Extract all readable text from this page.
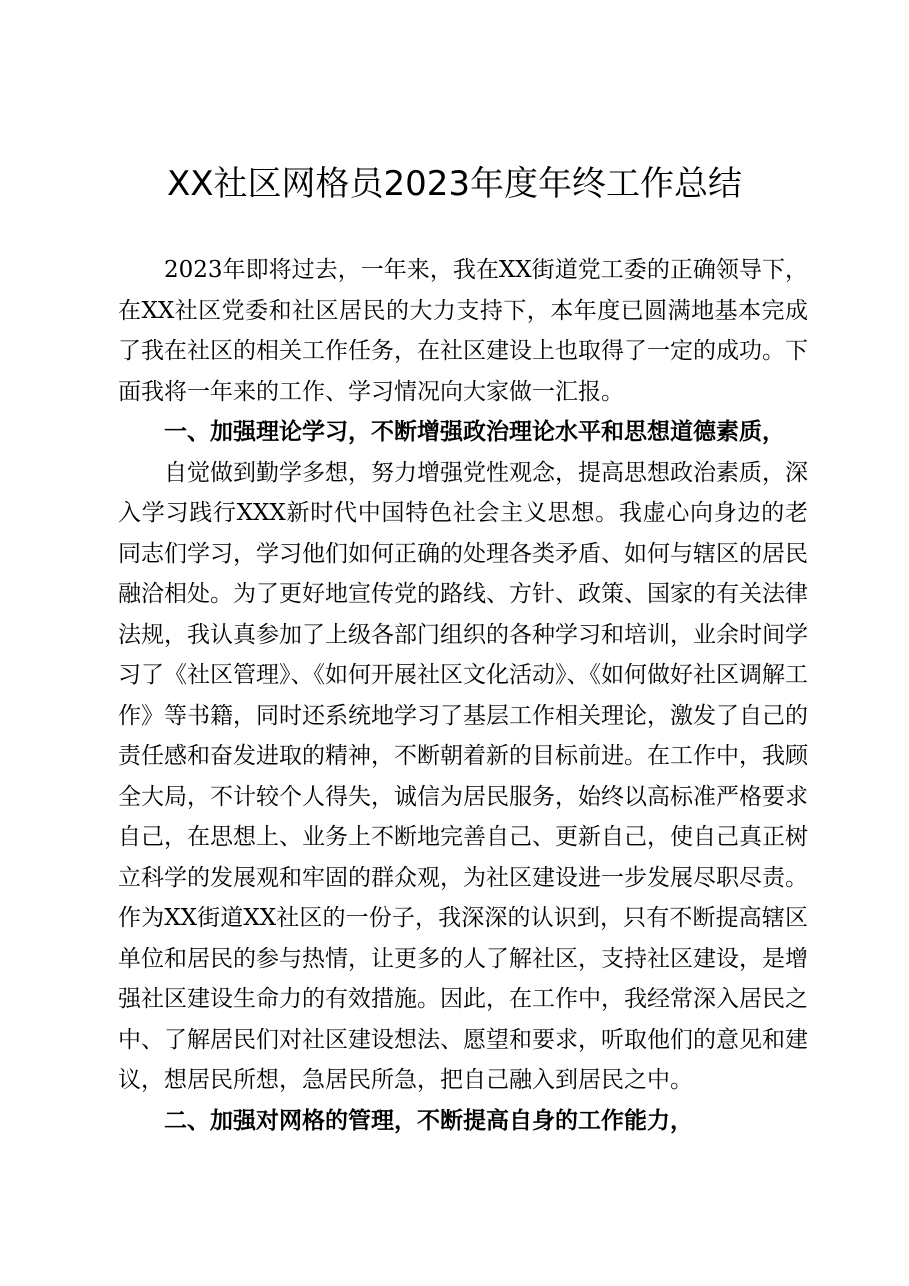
XX社区网格员2023年度年终工作总结

2023年即将过去，一年来，我在XX街道党工委的正确领导下，在XX社区党委和社区居民的大力支持下，本年度已圆满地基本完成了我在社区的相关工作任务，在社区建设上也取得了一定的成功。下面我将一年来的工作、学习情况向大家做一汇报。

一、加强理论学习，不断增强政治理论水平和思想道德素质，

自觉做到勤学多想，努力增强党性观念，提高思想政治素质，深入学习践行XXX新时代中国特色社会主义思想。我虚心向身边的老同志们学习，学习他们如何正确的处理各类矛盾、如何与辖区的居民融洽相处。为了更好地宣传党的路线、方针、政策、国家的有关法律法规，我认真参加了上级各部门组织的各种学习和培训，业余时间学习了《社区管理》、《如何开展社区文化活动》、《如何做好社区调解工作》等书籍，同时还系统地学习了基层工作相关理论，激发了自己的责任感和奋发进取的精神，不断朝着新的目标前进。在工作中，我顾全大局，不计较个人得失，诚信为居民服务，始终以高标准严格要求自己，在思想上、业务上不断地完善自己、更新自己，使自己真正树立科学的发展观和牢固的群众观，为社区建设进一步发展尽职尽责。作为XX街道XX社区的一份子，我深深的认识到，只有不断提高辖区单位和居民的参与热情，让更多的人了解社区，支持社区建设，是增强社区建设生命力的有效措施。因此，在工作中，我经常深入居民之中、了解居民们对社区建设想法、愿望和要求，听取他们的意见和建议，想居民所想，急居民所急，把自己融入到居民之中。

二、加强对网格的管理，不断提高自身的工作能力，
